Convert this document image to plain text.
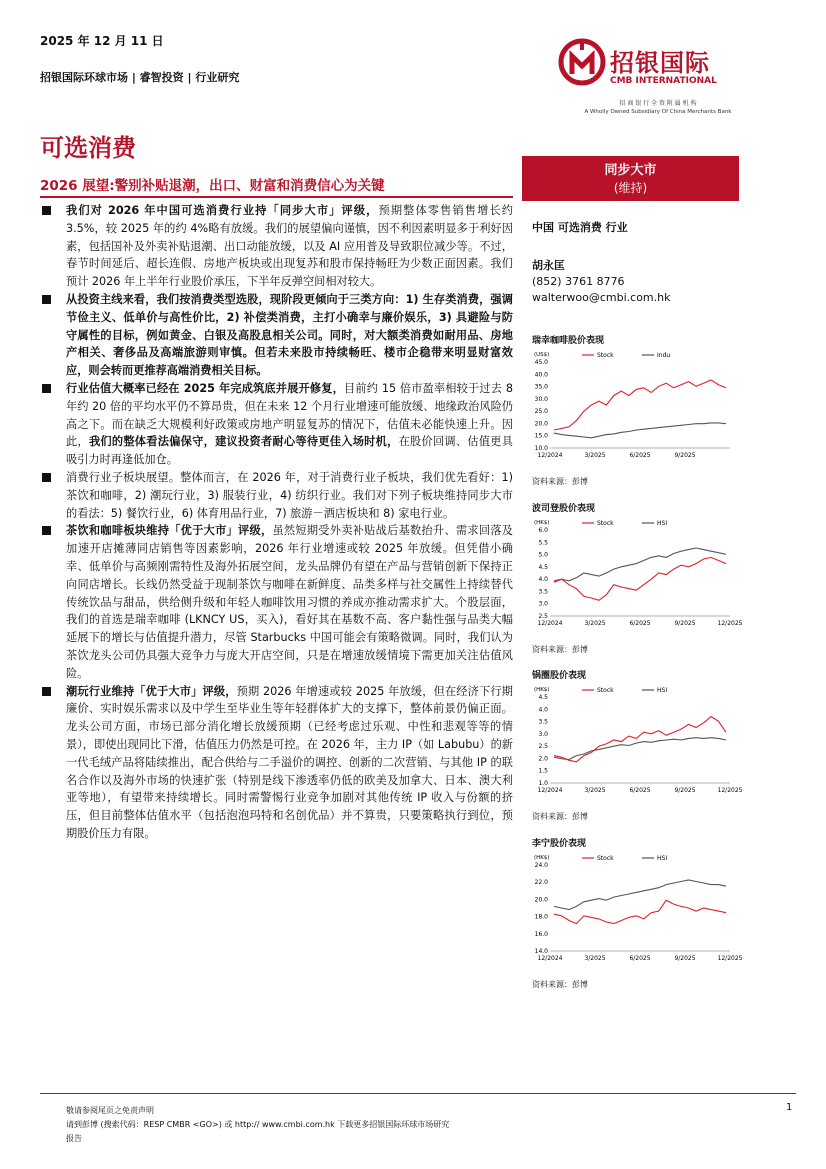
2025 年 12 月 11 日
招银国际环球市场 | 睿智投资 | 行业研究
招银国际
CMB INTERNATIONAL
招 商 银 行 全 资 附 属 机 构
A Wholly Owned Subsidiary Of China Merchants Bank
可选消费
2026 展望:警别补贴退潮，出口、财富和消费信心为关键
同步大市
(维持)
我们对 2026 年中国可选消费行业持「同步大市」评级，预期整体零售销售增长约 3.5%，较 2025 年的约 4%略有放缓。我们的展望偏向谨慎，因不利因素明显多于利好因素，包括国补及外卖补贴退潮、出口动能放缓，以及 AI 应用普及导致职位减少等。不过，春节时间延后、超长连假、房地产板块或出现复苏和股市保持畅旺为少数正面因素。我们预计 2026 年上半年行业股价承压，下半年反弹空间相对较大。
从投资主线来看，我们按消费类型选股，现阶段更倾向于三类方向：1) 生存类消费，强调节俭主义、低单价与高性价比，2) 补偿类消费，主打小确幸与廉价娱乐，3) 具避险与防守属性的目标，例如黄金、白银及高股息相关公司。同时，对大额类消费如耐用品、房地产相关、奢侈品及高端旅游则审慎。但若未来股市持续畅旺、楼市企稳带来明显财富效应，则会转而更推荐高端消费相关目标。
行业估值大概率已经在 2025 年完成筑底并展开修复，目前约 15 倍市盈率相较于过去 8 年约 20 倍的平均水平仍不算昂贵，但在未来 12 个月行业增速可能放缓、地缘政治风险仍高之下。而在缺乏大规模利好政策或房地产明显复苏的情况下，估值未必能快速上升。因此，我们的整体看法偏保守，建议投资者耐心等待更佳入场时机，在股价回调、估值更具吸引力时再逢低加仓。
消费行业子板块展望。整体而言，在 2026 年，对于消费行业子板块，我们优先看好：1) 茶饮和咖啡，2) 潮玩行业，3) 服装行业，4) 纺织行业。我们对下列子板块维持同步大市的看法：5) 餐饮行业，6) 体育用品行业，7) 旅游－酒店板块和 8) 家电行业。
茶饮和咖啡板块维持「优于大市」评级，虽然短期受外卖补贴战后基数抬升、需求回落及加速开店摊薄同店销售等因素影响，2026 年行业增速或较 2025 年放缓。但凭借小确幸、低单价与高频刚需特性及海外拓展空间，龙头品牌仍有望在产品与营销创新下保持正向同店增长。长线仍然受益于现制茶饮与咖啡在新鲜度、品类多样与社交属性上持续替代传统饮品与甜品，供给侧升级和年轻人咖啡饮用习惯的养成亦推动需求扩大。个股层面，我们的首选是瑞幸咖啡 (LKNCY US，买入)，看好其在基数不高、客户黏性强与品类大幅延展下的增长与估值提升潜力，尽管 Starbucks 中国可能会有策略微调。同时，我们认为茶饮龙头公司仍具强大竞争力与庞大开店空间，只是在增速放缓情境下需更加关注估值风险。
潮玩行业维持「优于大市」评级，预期 2026 年增速或较 2025 年放缓，但在经济下行期廉价、实时娱乐需求以及中学生至毕业生等年轻群体扩大的支撑下，整体前景仍偏正面。龙头公司方面，市场已部分消化增长放缓预期（已经考虑过乐观、中性和悲观等等的情景），即使出现同比下滑，估值压力仍然是可控。在 2026 年，主力 IP（如 Labubu）的新一代毛绒产品将陆续推出，配合供给与二手溢价的调控、创新的二次营销、与其他 IP 的联名合作以及海外市场的快速扩张（特别是线下渗透率仍低的欧美及加拿大、日本、澳大利亚等地），有望带来持续增长。同时需警惕行业竞争加剧对其他传统 IP 收入与份额的挤压，但目前整体估值水平（包括泡泡玛特和名创优品）并不算贵，只要策略执行到位，预期股价压力有限。
中国 可选消费 行业
胡永匡
(852) 3761 8776
walterwoo@cmbi.com.hk
瑞幸咖啡股价表现
(US$)	Stock	Indu
45.0
40.0
35.0
30.0
25.0
20.0
15.0
10.0
12/2024	3/2025	6/2025	9/2025
资料来源：彭博
波司登股价表现
(HK$)	Stock	HSI
6.0
5.5
5.0
4.5
4.0
3.5
3.0
2.5
12/2024	3/2025	6/2025	9/2025	12/2025
资料来源：彭博
锅圈股价表现
(HK$)	Stock	HSI
4.5
4.0
3.5
3.0
2.5
2.0
1.5
1.0
12/2024	3/2025	6/2025	9/2025	12/2025
资料来源：彭博
李宁股价表现
(HK$)	Stock	HSI
24.0
22.0
20.0
18.0
16.0
14.0
12/2024	3/2025	6/2025	9/2025	12/2025
资料来源：彭博
敬请参阅尾页之免责声明
请到彭博 (搜索代码：RESP CMBR <GO>) 或 http:// www.cmbi.com.hk 下载更多招银国际环球市场研究
报告
1
